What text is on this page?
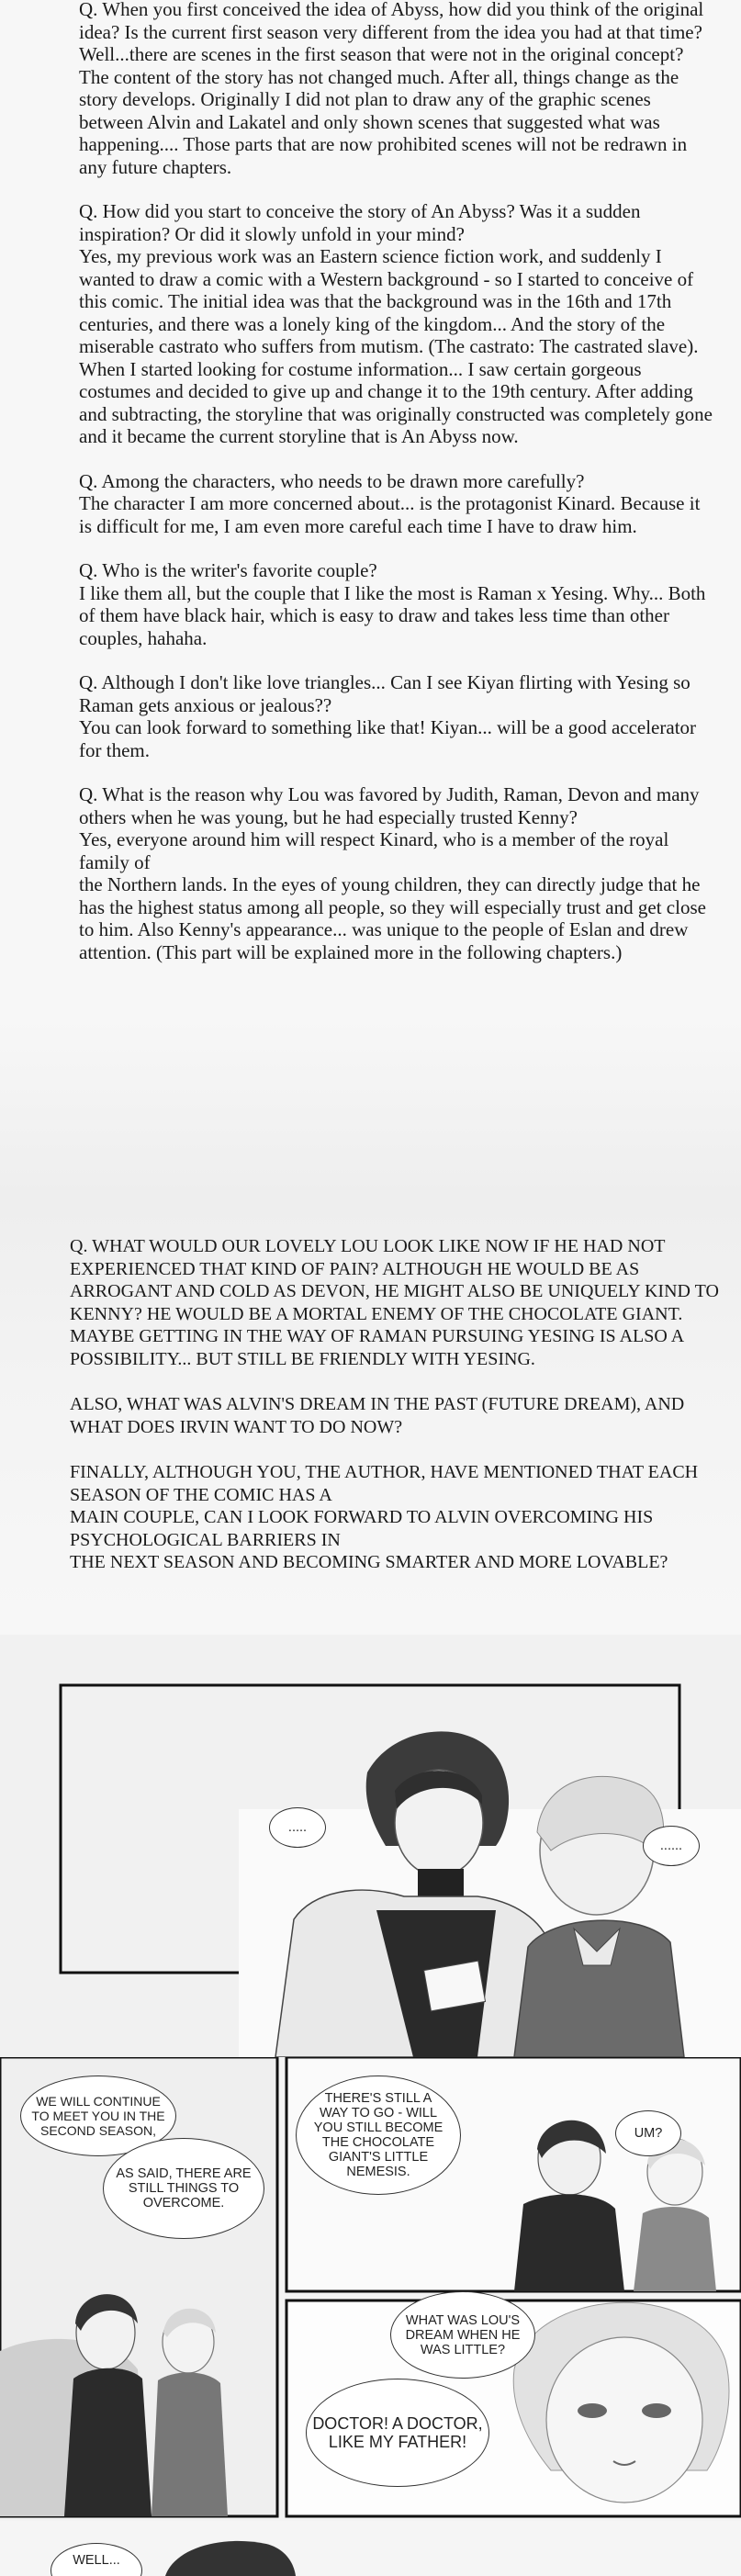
Q. When you first conceived the idea of Abyss, how did you think of the original idea? Is the current first season very different from the idea you had at that time?

Well...there are scenes in the first season that were not in the original concept? The content of the story has not changed much. After all, things change as the story develops. Originally I did not plan to draw any of the graphic scenes between Alvin and Lakatel and only shown scenes that suggested what was happening.... Those parts that are now prohibited scenes will not be redrawn in any future chapters.

Q. How did you start to conceive the story of An Abyss? Was it a sudden inspiration? Or did it slowly unfold in your mind?

Yes, my previous work was an Eastern science fiction work, and suddenly I wanted to draw a comic with a Western background - so I started to conceive of this comic. The initial idea was that the background was in the 16th and 17th centuries, and there was a lonely king of the kingdom... And the story of the miserable castrato who suffers from mutism. (The castrato: The castrated slave). When I started looking for costume information... I saw certain gorgeous costumes and decided to give up and change it to the 19th century. After adding and subtracting, the storyline that was originally constructed was completely gone and it became the current storyline that is An Abyss now.

Q. Among the characters, who needs to be drawn more carefully?

The character I am more concerned about... is the protagonist Kinard. Because it is difficult for me, I am even more careful each time I have to draw him.

Q. Who is the writer's favorite couple?

I like them all, but the couple that I like the most is Raman x Yesing. Why... Both of them have black hair, which is easy to draw and takes less time than other couples, hahaha.

Q. Although I don't like love triangles... Can I see Kiyan flirting with Yesing so Raman gets anxious or jealous??

You can look forward to something like that! Kiyan... will be a good accelerator for them.

Q. What is the reason why Lou was favored by Judith, Raman, Devon and many others when he was young, but he had especially trusted Kenny?

Yes, everyone around him will respect Kinard, who is a member of the royal family of

the Northern lands. In the eyes of young children, they can directly judge that he has the highest status among all people, so they will especially trust and get close to him. Also Kenny's appearance... was unique to the people of Eslan and drew attention. (This part will be explained more in the following chapters.)

Q. WHAT WOULD OUR LOVELY LOU LOOK LIKE NOW IF HE HAD NOT EXPERIENCED THAT KIND OF PAIN? ALTHOUGH HE WOULD BE AS ARROGANT AND COLD AS DEVON, HE MIGHT ALSO BE UNIQUELY KIND TO KENNY? HE WOULD BE A MORTAL ENEMY OF THE CHOCOLATE GIANT. MAYBE GETTING IN THE WAY OF RAMAN PURSUING YESING IS ALSO A POSSIBILITY... BUT STILL BE FRIENDLY WITH YESING.

ALSO, WHAT WAS ALVIN'S DREAM IN THE PAST (FUTURE DREAM), AND WHAT DOES IRVIN WANT TO DO NOW?

FINALLY, ALTHOUGH YOU, THE AUTHOR, HAVE MENTIONED THAT EACH SEASON OF THE COMIC HAS A

MAIN COUPLE, CAN I LOOK FORWARD TO ALVIN OVERCOMING HIS PSYCHOLOGICAL BARRIERS IN

THE NEXT SEASON AND BECOMING SMARTER AND MORE LOVABLE?

.....
......
WE WILL CONTINUE TO MEET YOU IN THE SECOND SEASON,
AS SAID, THERE ARE STILL THINGS TO OVERCOME.
THERE'S STILL A WAY TO GO - WILL YOU STILL BECOME THE CHOCOLATE GIANT'S LITTLE NEMESIS.
UM?
WHAT WAS LOU'S DREAM WHEN HE WAS LITTLE?
DOCTOR! A DOCTOR, LIKE MY FATHER!
WELL...
